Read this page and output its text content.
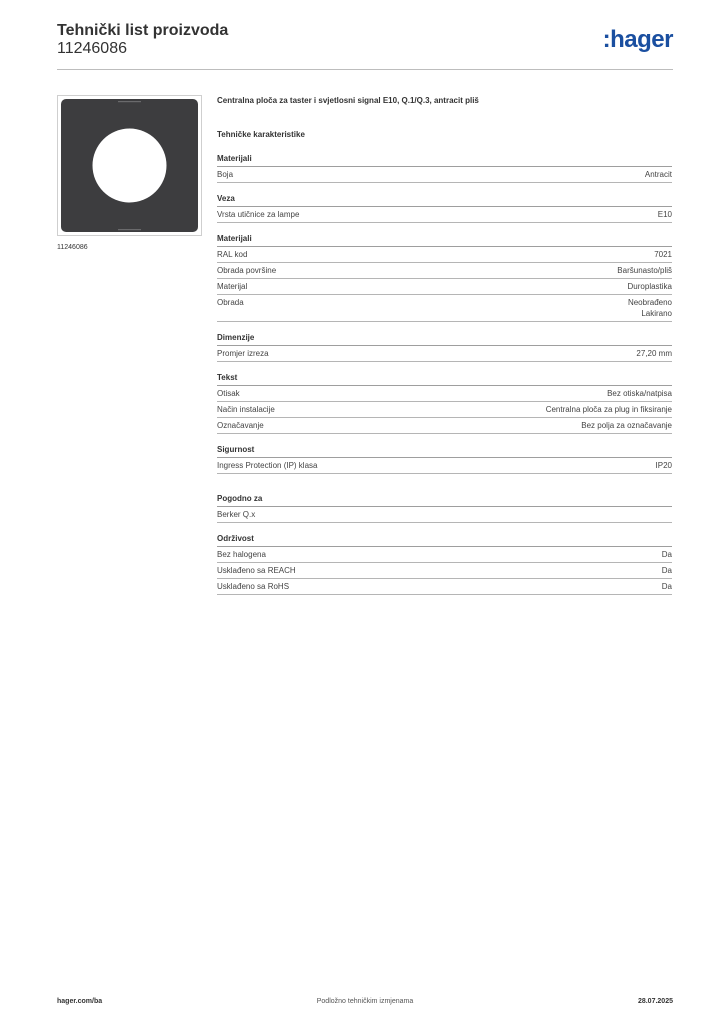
Tehnički list proizvoda
11246086	:hager
11246086
Centralna ploča za taster i svjetlosni signal E10, Q.1/Q.3, antracit pliš
Tehničke karakteristike
Materijali
Boja	Antracit
Veza
Vrsta utičnice za lampe	E10
Materijali
RAL kod	7021
Obrada površine	Baršunasto/pliš
Materijal	Duroplastika
Obrada	Neobrađeno
Lakirano
Dimenzije
Promjer izreza	27,20 mm
Tekst
Otisak	Bez otiska/natpisa
Način instalacije	Centralna ploča za plug in fiksiranje
Označavanje	Bez polja za označavanje
Sigurnost
Ingress Protection (IP) klasa	IP20
Pogodno za
Berker Q.x
Održivost
Bez halogena	Da
Usklađeno sa REACH	Da
Usklađeno sa RoHS	Da
Podložno tehničkim izmjenama
hager.com/ba	28.07.2025
